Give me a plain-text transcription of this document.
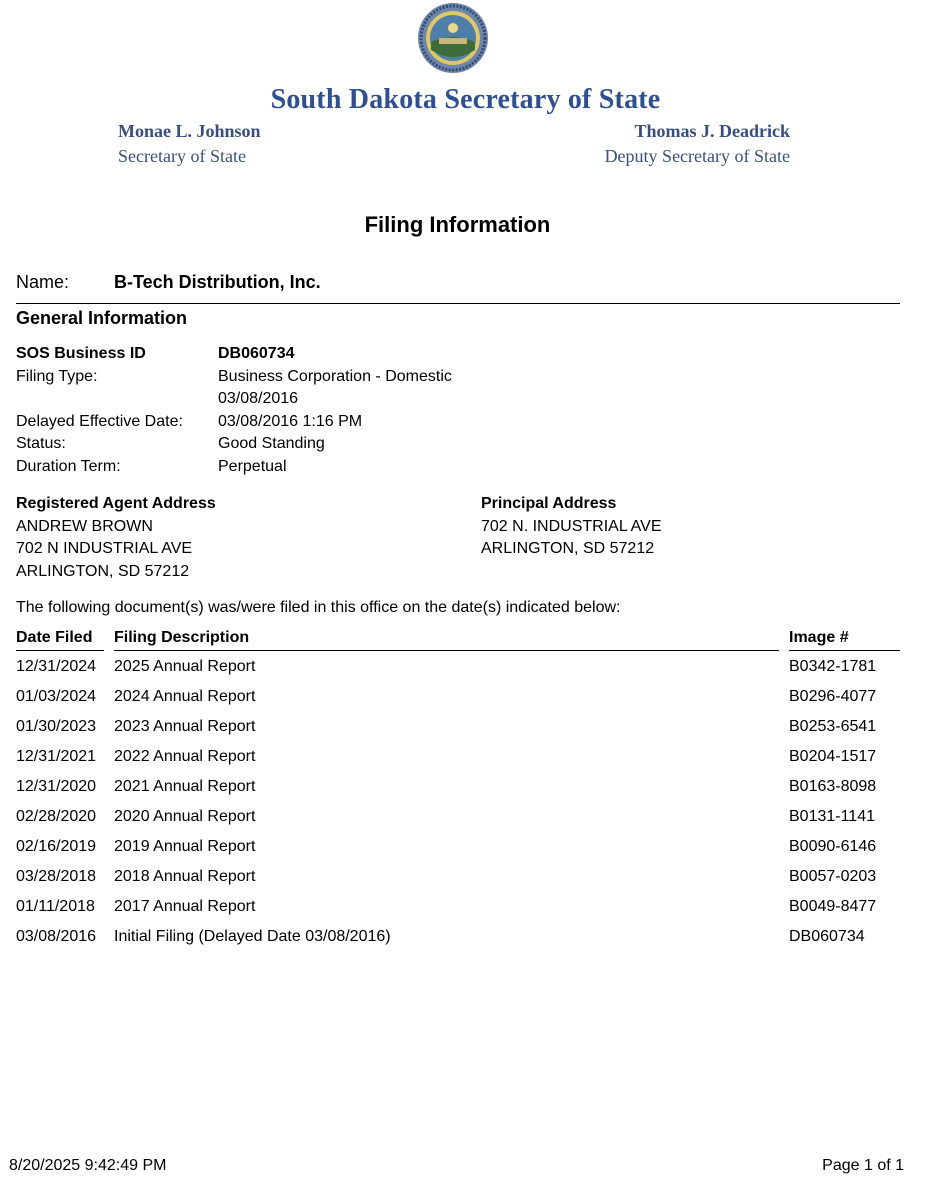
South Dakota Secretary of State
Monae L. Johnson
Secretary of State
Thomas J. Deadrick
Deputy Secretary of State
Filing Information
Name: B-Tech Distribution, Inc.
General Information
SOS Business ID	DB060734
Filing Type:	Business Corporation - Domestic
03/08/2016
Delayed Effective Date:	03/08/2016 1:16 PM
Status:	Good Standing
Duration Term:	Perpetual
Registered Agent Address
ANDREW BROWN
702 N INDUSTRIAL AVE
ARLINGTON, SD 57212
Principal Address
702 N. INDUSTRIAL AVE
ARLINGTON, SD 57212
The following document(s) was/were filed in this office on the date(s) indicated below:
Date Filed	Filing Description	Image #
12/31/2024 2025 Annual Report	B0342-1781
01/03/2024 2024 Annual Report	B0296-4077
01/30/2023 2023 Annual Report	B0253-6541
12/31/2021 2022 Annual Report	B0204-1517
12/31/2020 2021 Annual Report	B0163-8098
02/28/2020 2020 Annual Report	B0131-1141
02/16/2019 2019 Annual Report	B0090-6146
03/28/2018 2018 Annual Report	B0057-0203
01/11/2018 2017 Annual Report	B0049-8477
03/08/2016 Initial Filing (Delayed Date 03/08/2016)	DB060734
8/20/2025 9:42:49 PM	Page 1 of 1
